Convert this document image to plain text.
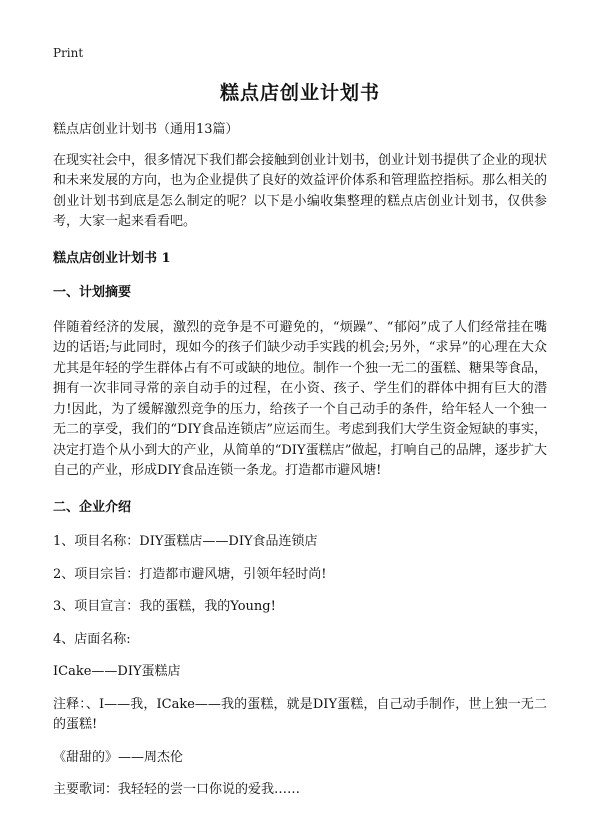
Print
糕点店创业计划书

糕点店创业计划书（通用13篇）

在现实社会中，很多情况下我们都会接触到创业计划书，创业计划书提供了企业的现状和未来发展的方向，也为企业提供了良好的效益评价体系和管理监控指标。那么相关的创业计划书到底是怎么制定的呢？以下是小编收集整理的糕点店创业计划书，仅供参考，大家一起来看看吧。

糕点店创业计划书 1

一、计划摘要

伴随着经济的发展，激烈的竞争是不可避免的，“烦躁”、“郁闷”成了人们经常挂在嘴边的话语;与此同时，现如今的孩子们缺少动手实践的机会;另外，“求异”的心理在大众尤其是年轻的学生群体占有不可或缺的地位。制作一个独一无二的蛋糕、糖果等食品，拥有一次非同寻常的亲自动手的过程，在小资、孩子、学生们的群体中拥有巨大的潜力!因此，为了缓解激烈竞争的压力，给孩子一个自己动手的条件，给年轻人一个独一无二的享受，我们的“DIY食品连锁店”应运而生。考虑到我们大学生资金短缺的事实，决定打造个从小到大的产业，从简单的“DIY蛋糕店”做起，打响自己的品牌，逐步扩大自己的产业，形成DIY食品连锁一条龙。打造都市避风塘!

二、企业介绍

1、项目名称：DIY蛋糕店——DIY食品连锁店

2、项目宗旨：打造都市避风塘，引领年轻时尚!

3、项目宣言：我的蛋糕，我的Young!

4、店面名称:

ICake——DIY蛋糕店

注释：、I——我，ICake——我的蛋糕，就是DIY蛋糕，自己动手制作，世上独一无二的蛋糕!

《甜甜的》——周杰伦

主要歌词：我轻轻的尝一口你说的爱我……
